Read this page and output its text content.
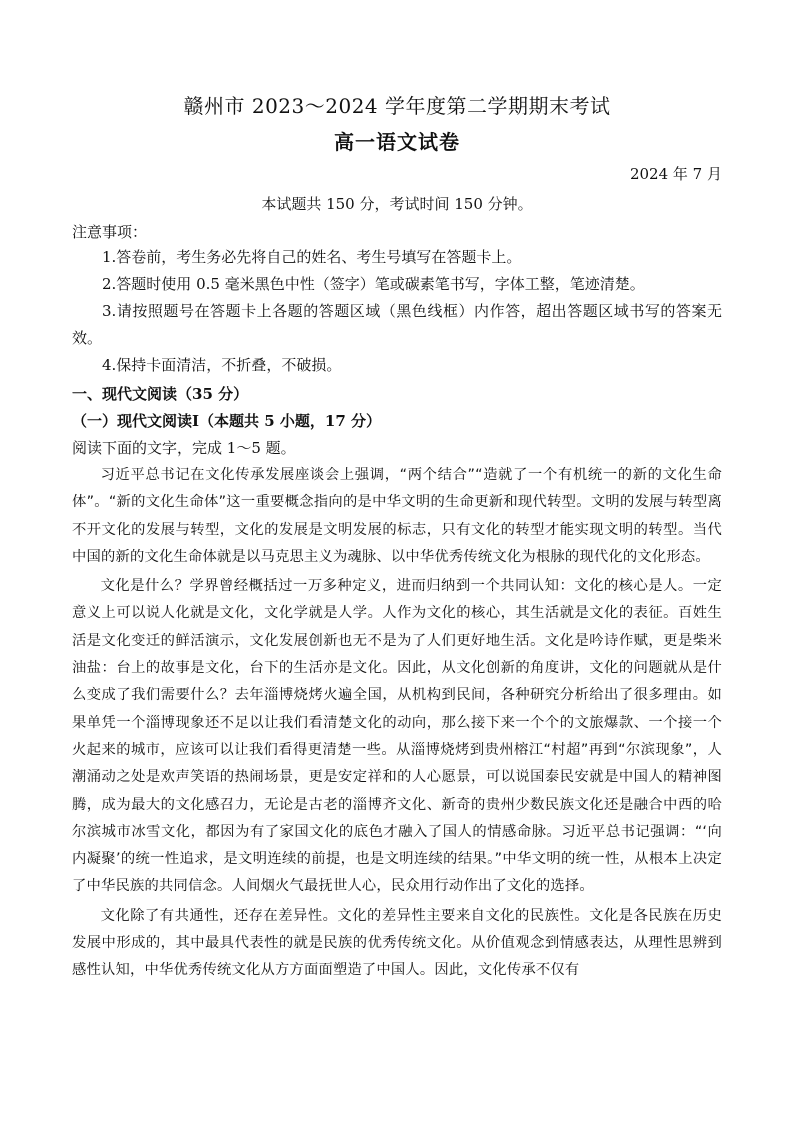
赣州市 2023～2024 学年度第二学期期末考试
高一语文试卷
2024 年 7 月
本试题共 150 分，考试时间 150 分钟。
注意事项：
1.答卷前，考生务必先将自己的姓名、考生号填写在答题卡上。
2.答题时使用 0.5 毫米黑色中性（签字）笔或碳素笔书写，字体工整，笔迹清楚。
3.请按照题号在答题卡上各题的答题区域（黑色线框）内作答，超出答题区域书写的答案无效。
4.保持卡面清洁，不折叠，不破损。
一、现代文阅读（35 分）
（一）现代文阅读Ⅰ（本题共 5 小题，17 分）
阅读下面的文字，完成 1～5 题。

习近平总书记在文化传承发展座谈会上强调，“两个结合”“造就了一个有机统一的新的文化生命体”。“新的文化生命体”这一重要概念指向的是中华文明的生命更新和现代转型。文明的发展与转型离不开文化的发展与转型，文化的发展是文明发展的标志，只有文化的转型才能实现文明的转型。当代中国的新的文化生命体就是以马克思主义为魂脉、以中华优秀传统文化为根脉的现代化的文化形态。

文化是什么？学界曾经概括过一万多种定义，进而归纳到一个共同认知：文化的核心是人。一定意义上可以说人化就是文化，文化学就是人学。人作为文化的核心，其生活就是文化的表征。百姓生活是文化变迁的鲜活演示，文化发展创新也无不是为了人们更好地生活。文化是吟诗作赋，更是柴米油盐：台上的故事是文化，台下的生活亦是文化。因此，从文化创新的角度讲，文化的问题就从是什么变成了我们需要什么？去年淄博烧烤火遍全国，从机构到民间，各种研究分析给出了很多理由。如果单凭一个淄博现象还不足以让我们看清楚文化的动向，那么接下来一个个的文旅爆款、一个接一个火起来的城市，应该可以让我们看得更清楚一些。从淄博烧烤到贵州榕江“村超”再到“尔滨现象”，人潮涌动之处是欢声笑语的热闹场景，更是安定祥和的人心愿景，可以说国泰民安就是中国人的精神图腾，成为最大的文化感召力，无论是古老的淄博齐文化、新奇的贵州少数民族文化还是融合中西的哈尔滨城市冰雪文化，都因为有了家国文化的底色才融入了国人的情感命脉。习近平总书记强调：“‘向内凝聚’的统一性追求，是文明连续的前提，也是文明连续的结果。”中华文明的统一性，从根本上决定了中华民族的共同信念。人间烟火气最抚世人心，民众用行动作出了文化的选择。

文化除了有共通性，还存在差异性。文化的差异性主要来自文化的民族性。文化是各民族在历史发展中形成的，其中最具代表性的就是民族的优秀传统文化。从价值观念到情感表达，从理性思辨到感性认知，中华优秀传统文化从方方面面塑造了中国人。因此，文化传承不仅有
